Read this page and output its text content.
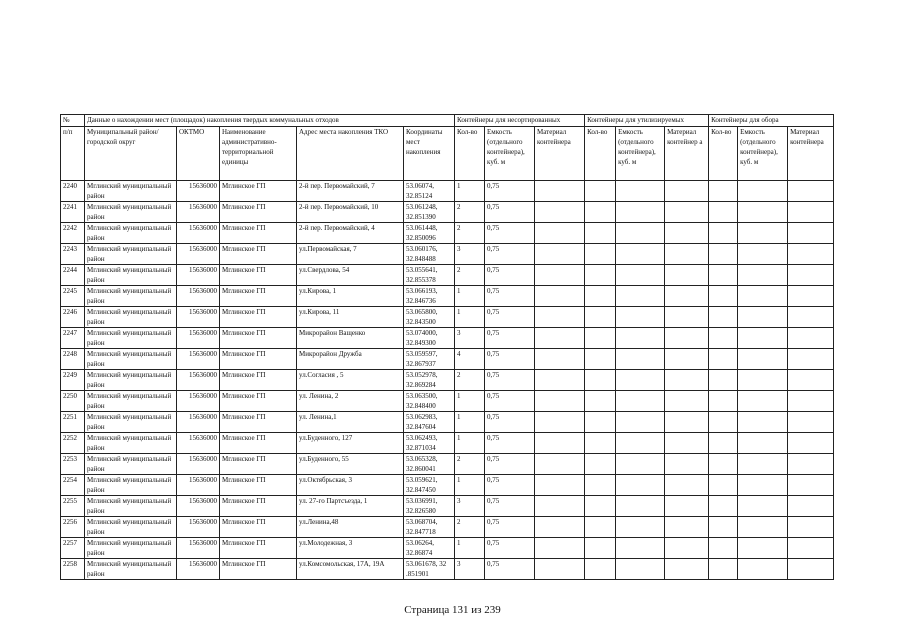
№	Данные о нахождении мест (площадок) накопления твердых коммунальных отходов					Контейнеры для несортированных			Контейнеры для утилизируемых			Контейнеры для обора		
п/п	Муниципальный район/городской округ	ОКТМО	Наименование административно-территориальной единицы	Адрес места накопления ТКО	Координаты мест накопления	Кол-во	Емкость (отдельного контейнера), куб. м	Материал контейнера	Кол-во	Емкость (отдельного контейнера), куб. м	Материал контейнер а	Кол-во	Емкость (отдельного контейнера), куб. м	Материал контейнера
2240	Мглинский муниципальный район	15636000	Мглинское ГП	2-й пер. Первомайский, 7	53.06074, 32.85124	1	0,75							
2241	Мглинский муниципальный район	15636000	Мглинское ГП	2-й пер. Первомайский, 10	53.061248, 32.851390	2	0,75							
2242	Мглинский муниципальный район	15636000	Мглинское ГП	2-й пер. Первомайский, 4	53.061448, 32.850096	2	0,75							
2243	Мглинский муниципальный район	15636000	Мглинское ГП	ул.Первомайская, 7	53.060176, 32.848488	3	0,75							
2244	Мглинский муниципальный район	15636000	Мглинское ГП	ул.Свердлова, 54	53.055641, 32.855378	2	0,75							
2245	Мглинский муниципальный район	15636000	Мглинское ГП	ул.Кирова, 1	53.066193, 32.846736	1	0,75							
2246	Мглинский муниципальный район	15636000	Мглинское ГП	ул.Кирова, 11	53.065800, 32.843500	1	0,75							
2247	Мглинский муниципальный район	15636000	Мглинское ГП	Микрорайон Ващенко	53.074000, 32.849300	3	0,75							
2248	Мглинский муниципальный район	15636000	Мглинское ГП	Микрорайон Дружба	53.059597, 32.867937	4	0,75							
2249	Мглинский муниципальный район	15636000	Мглинское ГП	ул.Согласия , 5	53.052978, 32.869284	2	0,75							
2250	Мглинский муниципальный район	15636000	Мглинское ГП	ул. Ленина, 2	53.063500, 32.848400	1	0,75							
2251	Мглинский муниципальный район	15636000	Мглинское ГП	ул. Ленина,1	53.062983, 32.847604	1	0,75							
2252	Мглинский муниципальный район	15636000	Мглинское ГП	ул.Буденного, 127	53.062493, 32.871034	1	0,75							
2253	Мглинский муниципальный район	15636000	Мглинское ГП	ул.Буденного, 55	53.065328, 32.860041	2	0,75							
2254	Мглинский муниципальный район	15636000	Мглинское ГП	ул.Октябрьская, 3	53.059621, 32.847450	1	0,75							
2255	Мглинский муниципальный район	15636000	Мглинское ГП	ул. 27-го Партсъезда, 1	53.036991, 32.826580	3	0,75							
2256	Мглинский муниципальный район	15636000	Мглинское ГП	ул.Ленина,48	53.068704, 32.847718	2	0,75							
2257	Мглинский муниципальный район	15636000	Мглинское ГП	ул.Молодежная, 3	53.06264, 32.86874	1	0,75							
2258	Мглинский муниципальный район	15636000	Мглинское ГП	ул.Комсомольская, 17А, 19А	53.061678, 32 .851901	3	0,75							
Страница 131 из 239
